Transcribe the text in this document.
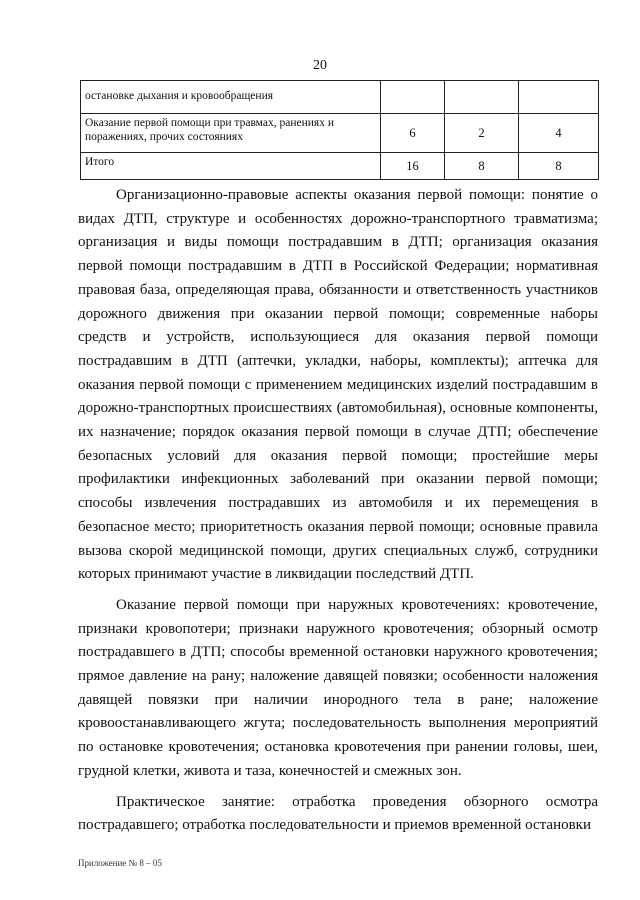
20
остановке дыхания и кровообращения			
Оказание первой помощи при травмах, ранениях и поражениях, прочих состояниях	6	2	4
Итого	16	8	8

Организационно-правовые аспекты оказания первой помощи: понятие о видах ДТП, структуре и особенностях дорожно-транспортного травматизма; организация и виды помощи пострадавшим в ДТП; организация оказания первой помощи пострадавшим в ДТП в Российской Федерации; нормативная правовая база, определяющая права, обязанности и ответственность участников дорожного движения при оказании первой помощи; современные наборы средств и устройств, использующиеся для оказания первой помощи пострадавшим в ДТП (аптечки, укладки, наборы, комплекты); аптечка для оказания первой помощи с применением медицинских изделий пострадавшим в дорожно-транспортных происшествиях (автомобильная), основные компоненты, их назначение; порядок оказания первой помощи в случае ДТП; обеспечение безопасных условий для оказания первой помощи; простейшие меры профилактики инфекционных заболеваний при оказании первой помощи; способы извлечения пострадавших из автомобиля и их перемещения в безопасное место; приоритетность оказания первой помощи; основные правила вызова скорой медицинской помощи, других специальных служб, сотрудники которых принимают участие в ликвидации последствий ДТП.

Оказание первой помощи при наружных кровотечениях: кровотечение, признаки кровопотери; признаки наружного кровотечения; обзорный осмотр пострадавшего в ДТП; способы временной остановки наружного кровотечения; прямое давление на рану; наложение давящей повязки; особенности наложения давящей повязки при наличии инородного тела в ране; наложение кровоостанавливающего жгута; последовательность выполнения мероприятий по остановке кровотечения; остановка кровотечения при ранении головы, шеи, грудной клетки, живота и таза, конечностей и смежных зон.

Практическое занятие: отработка проведения обзорного осмотра пострадавшего; отработка последовательности и приемов временной остановки

Приложение № 8 – 05
